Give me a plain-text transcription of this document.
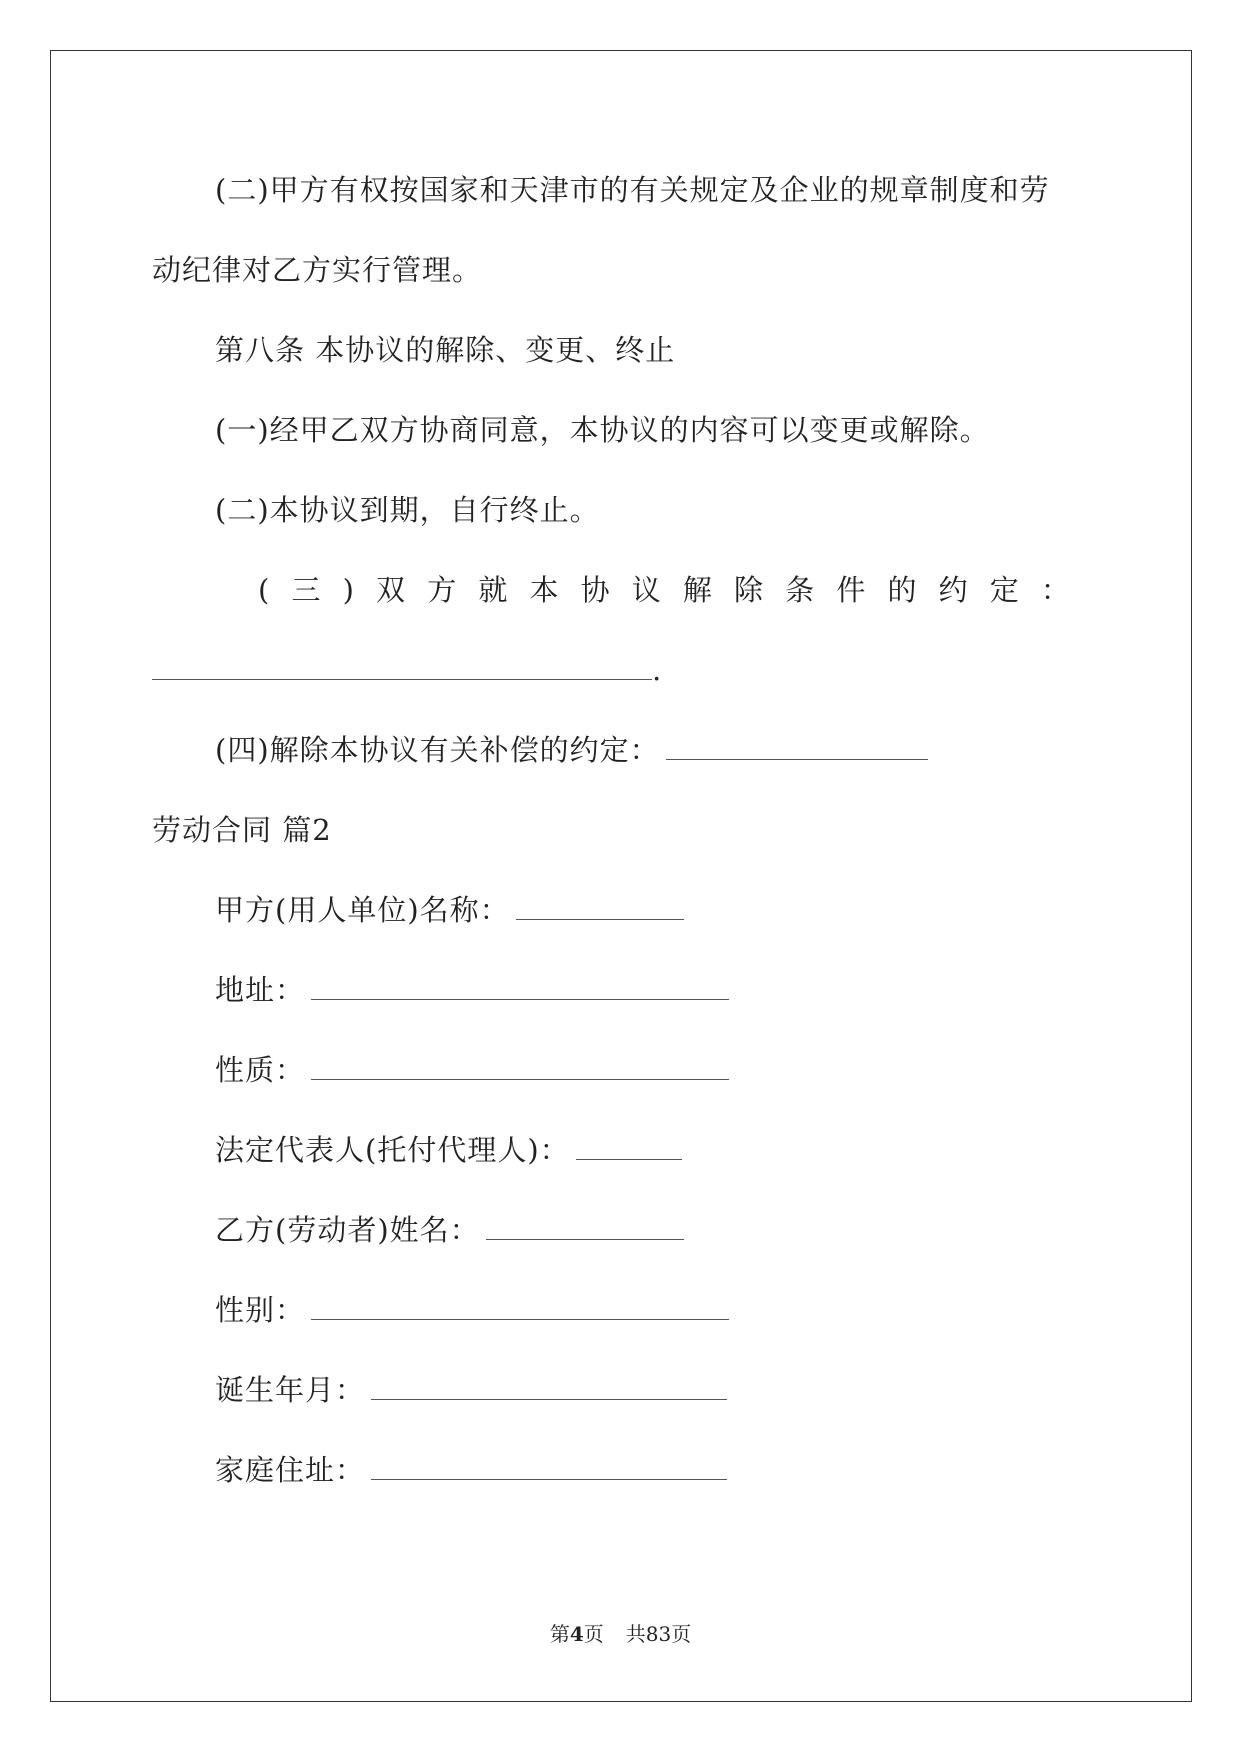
(二)甲方有权按国家和天津市的有关规定及企业的规章制度和劳
动纪律对乙方实行管理。
第八条 本协议的解除、变更、终止
(一)经甲乙双方协商同意，本协议的内容可以变更或解除。
(二)本协议到期，自行终止。
( 三 ) 双 方 就 本 协 议 解 除 条 件 的 约 定 ：
.
(四)解除本协议有关补偿的约定：
劳动合同 篇2
甲方(用人单位)名称：
地址：
性质：
法定代表人(托付代理人)：
乙方(劳动者)姓名：
性别：
诞生年月：
家庭住址：
第4页 共83页
